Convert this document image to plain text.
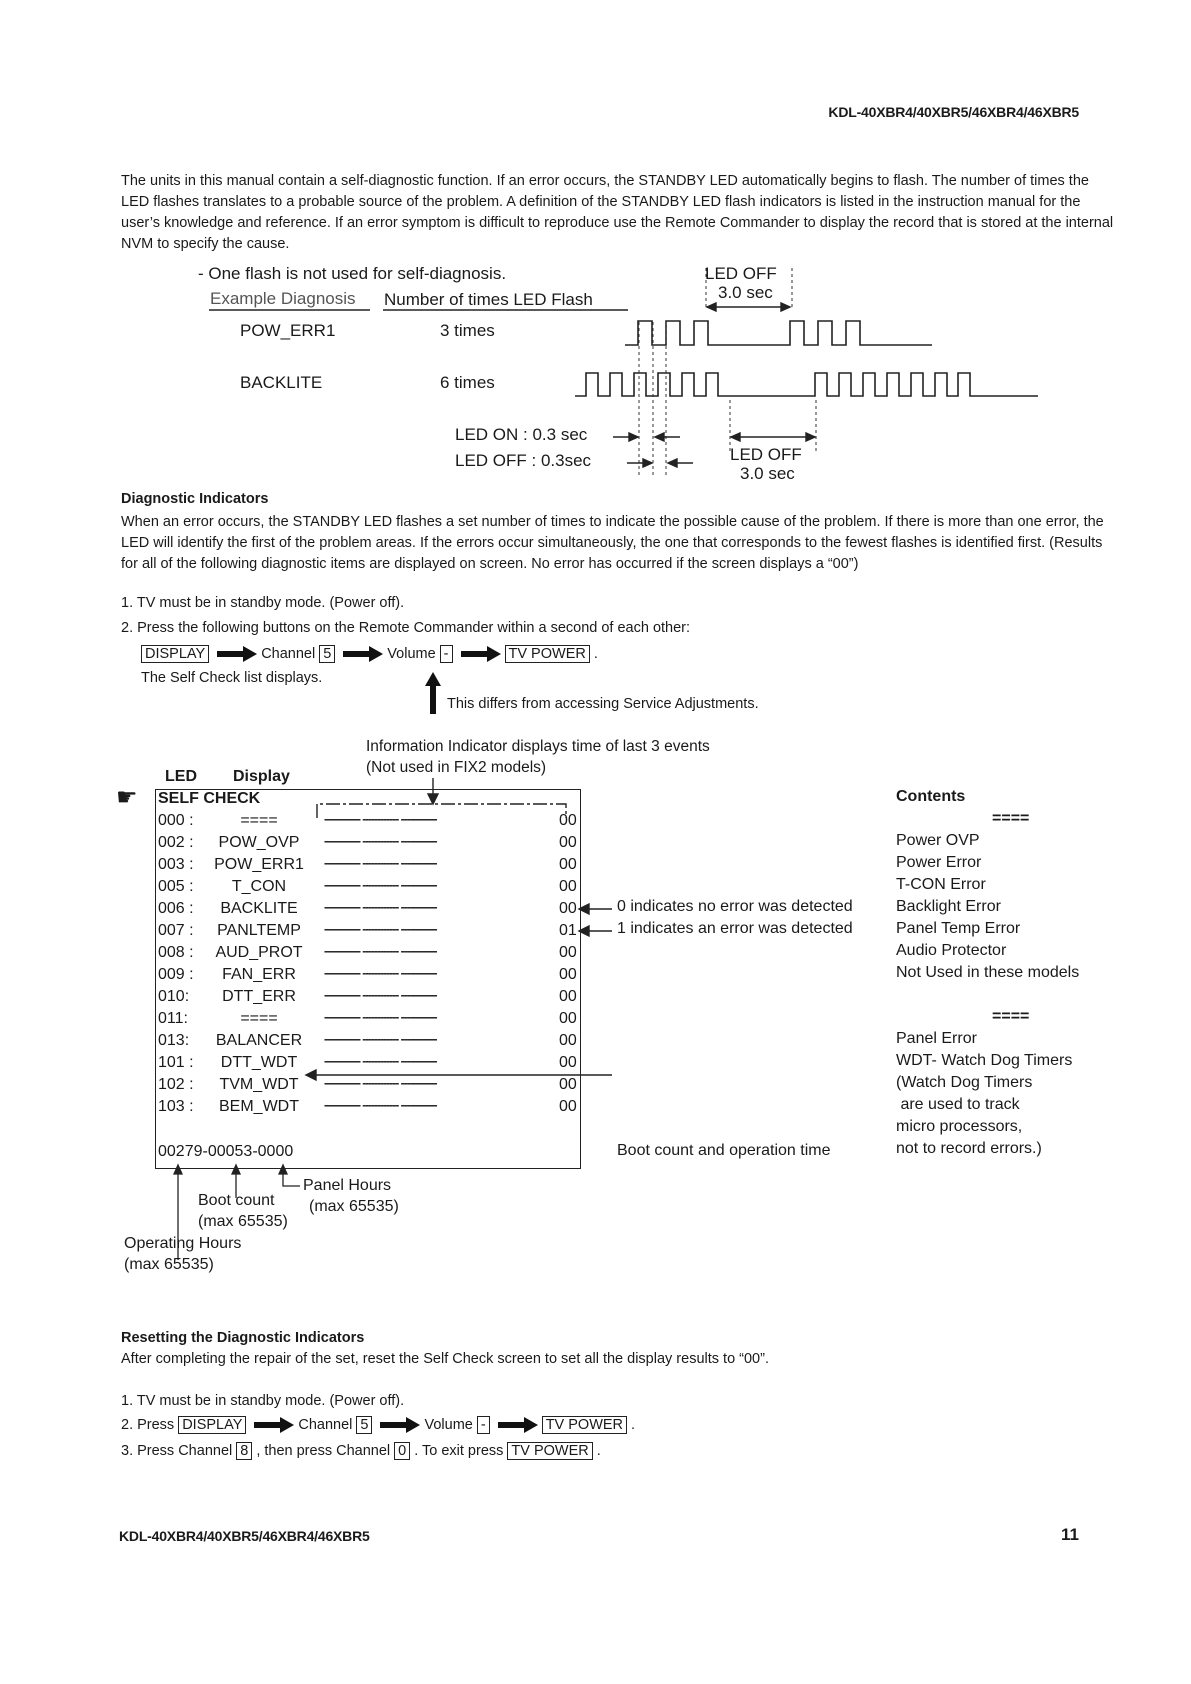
KDL-40XBR4/40XBR5/46XBR4/46XBR5
The units in this manual contain a self-diagnostic function. If an error occurs, the STANDBY LED automatically begins to flash. The number of times the LED flashes translates to a probable source of the problem. A definition of the STANDBY LED flash indicators is listed in the instruction manual for the user’s knowledge and reference. If an error symptom is difficult to reproduce use the Remote Commander to display the record that is stored at the internal NVM to specify the cause.
- One flash is not used for self-diagnosis.
Example Diagnosis Number of times LED Flash
POW_ERR1	3 times
BACKLITE	6 times
LED OFF
3.0 sec
LED ON : 0.3 sec
LED OFF : 0.3sec	LED OFF
3.0 sec
Diagnostic Indicators
When an error occurs, the STANDBY LED flashes a set number of times to indicate the possible cause of the problem. If there is more than one error, the LED will identify the first of the problem areas. If the errors occur simultaneously, the one that corresponds to the fewest flashes is identified first. (Results for all of the following diagnostic items are displayed on screen. No error has occurred if the screen displays a “00”)
1. TV must be in standby mode. (Power off).
2. Press the following buttons on the Remote Commander within a second of each other:
DISPLAY	Channel 5	Volume -	TV POWER .
The Self Check list displays.
This differs from accessing Service Adjustments.
Information Indicator displays time of last 3 events
(Not used in FIX2 models)
LED Display
☛ SELF CHECK
000 :	====	------------ ------------ ------------	00
002 :	POW_OVP	------------ ------------ ------------	00
003 :	POW_ERR1	------------ ------------ ------------	00
005 :	T_CON	------------ ------------ ------------	00
006 :	BACKLITE	------------ ------------ ------------	00
007 :	PANLTEMP	------------ ------------ ------------	01
008 :	AUD_PROT	------------ ------------ ------------	00
009 :	FAN_ERR	------------ ------------ ------------	00
010:	DTT_ERR	------------ ------------ ------------	00
011:	====	------------ ------------ ------------	00
013:	BALANCER	------------ ------------ ------------	00
101 :	DTT_WDT	------------ ------------ ------------	00
102 :	TVM_WDT	------------ ------------ ------------	00
103 :	BEM_WDT	------------ ------------ ------------	00
00279-00053-0000
0 indicates no error was detected
1 indicates an error was detected
Boot count and operation time
Panel Hours
(max 65535)
Boot count
(max 65535)
Operating Hours
(max 65535)
Contents
====
Power OVP
Power Error
T-CON Error
Backlight Error
Panel Temp Error
Audio Protector
Not Used in these models
====
Panel Error
WDT- Watch Dog Timers
(Watch Dog Timers
are used to track
micro processors,
not to record errors.)
Resetting the Diagnostic Indicators
After completing the repair of the set, reset the Self Check screen to set all the display results to “00”.
1. TV must be in standby mode. (Power off).
2. Press DISPLAY	Channel 5	Volume -	TV POWER .
3. Press Channel 8 , then press Channel 0 . To exit press TV POWER .
KDL-40XBR4/40XBR5/46XBR4/46XBR5	11
